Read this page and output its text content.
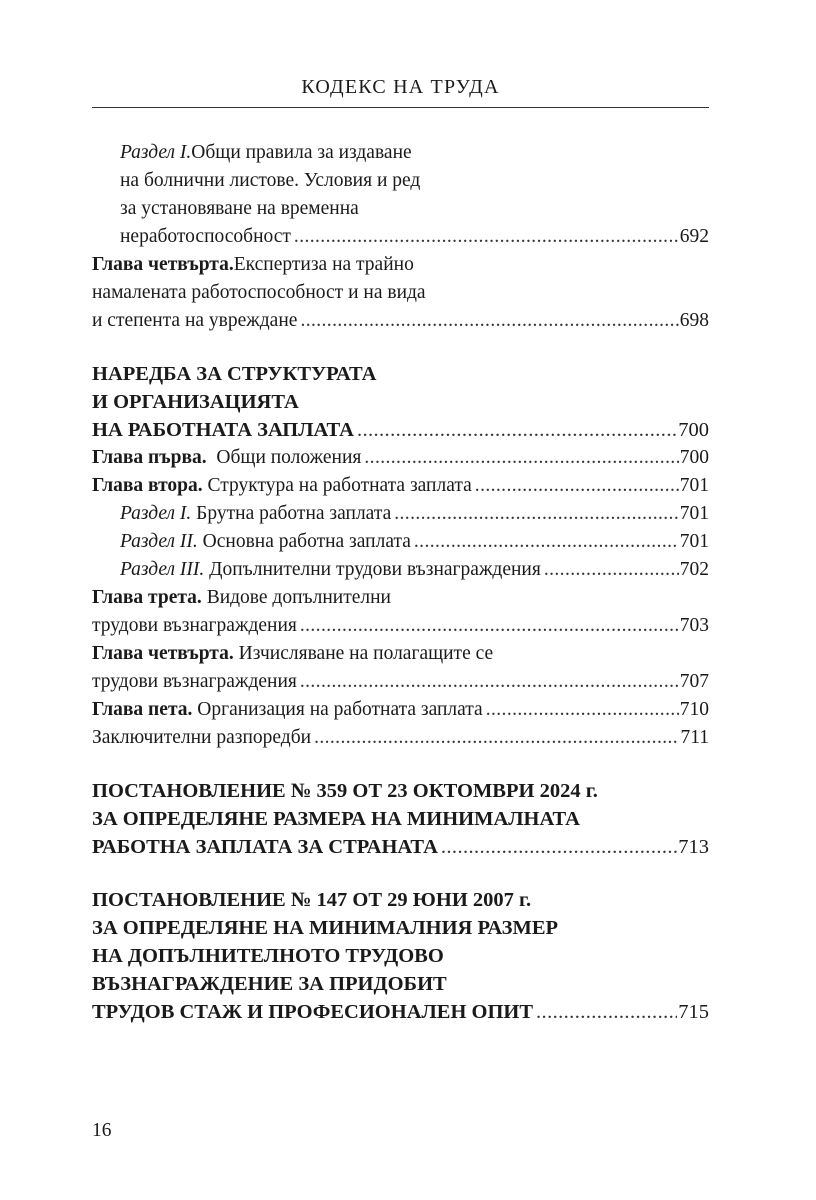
КОДЕКС НА ТРУДА
Раздел I. Общи правила за издаване
на болнични листове. Условия и ред
за установяване на временна
неработоспособност .....	692
Глава четвърта. Експертиза на трайно
намалената работоспособност и на вида
и степента на увреждане .....	698
НАРЕДБА ЗА СТРУКТУРАТА
И ОРГАНИЗАЦИЯТА
НА РАБОТНАТА ЗАПЛАТА .....	700
Глава първа. Общи положения .....	700
Глава втора. Структура на работната заплата .....	701
Раздел I. Брутна работна заплата .....	701
Раздел II. Основна работна заплата .....	701
Раздел III. Допълнителни трудови възнаграждения .....	702
Глава трета. Видове допълнителни
трудови възнаграждения .....	703
Глава четвърта. Изчисляване на полагащите се
трудови възнаграждения .....	707
Глава пета. Организация на работната заплата .....	710
Заключителни разпоредби .....	711
ПОСТАНОВЛЕНИЕ № 359 ОТ 23 ОКТОМВРИ 2024 г.
ЗА ОПРЕДЕЛЯНЕ РАЗМЕРА НА МИНИМАЛНАТА
РАБОТНА ЗАПЛАТА ЗА СТРАНАТА .....	713
ПОСТАНОВЛЕНИЕ № 147 ОТ 29 ЮНИ 2007 г.
ЗА ОПРЕДЕЛЯНЕ НА МИНИМАЛНИЯ РАЗМЕР
НА ДОПЪЛНИТЕЛНОТО ТРУДОВО
ВЪЗНАГРАЖДЕНИЕ ЗА ПРИДОБИТ
ТРУДОВ СТАЖ И ПРОФЕСИОНАЛЕН ОПИТ .....	715
16
